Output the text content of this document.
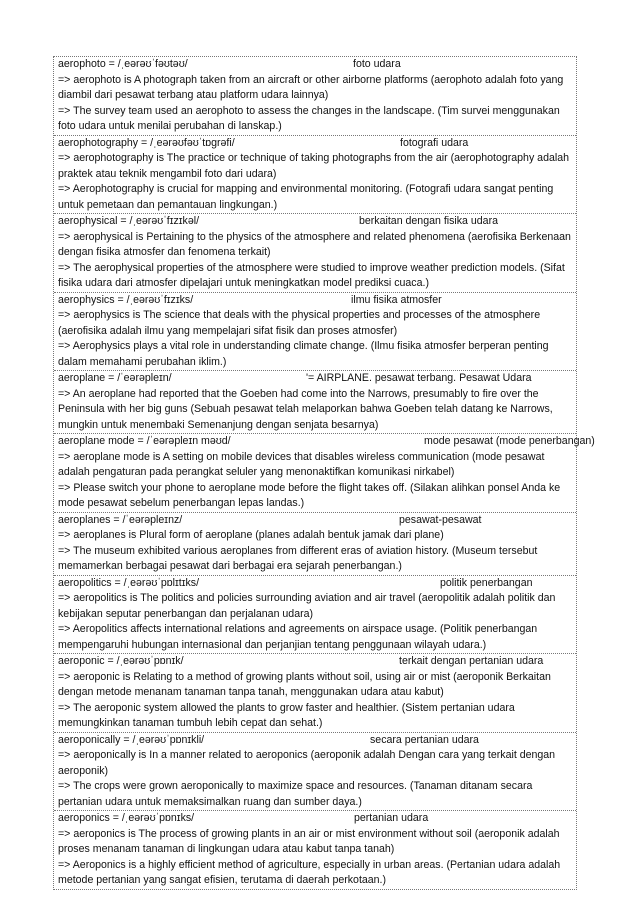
aerophoto = /ˌeərəʊˈfəʊtəʊ/	foto udara

=> aerophoto is A photograph taken from an aircraft or other airborne platforms (aerophoto adalah foto yang diambil dari pesawat terbang atau platform udara lainnya)

=> The survey team used an aerophoto to assess the changes in the landscape. (Tim survei menggunakan foto udara untuk menilai perubahan di lanskap.)

aerophotography = /ˌeərəʊfəʊˈtɒgrəfi/	fotografi udara

=> aerophotography is The practice or technique of taking photographs from the air (aerophotography adalah praktek atau teknik mengambil foto dari udara)

=> Aerophotography is crucial for mapping and environmental monitoring. (Fotografi udara sangat penting untuk pemetaan dan pemantauan lingkungan.)

aerophysical = /ˌeərəʊˈfɪzɪkəl/	berkaitan dengan fisika udara

=> aerophysical is Pertaining to the physics of the atmosphere and related phenomena (aerofisika Berkenaan dengan fisika atmosfer dan fenomena terkait)

=> The aerophysical properties of the atmosphere were studied to improve weather prediction models. (Sifat fisika udara dari atmosfer dipelajari untuk meningkatkan model prediksi cuaca.)

aerophysics = /ˌeərəʊˈfɪzɪks/	ilmu fisika atmosfer

=> aerophysics is The science that deals with the physical properties and processes of the atmosphere (aerofisika adalah ilmu yang mempelajari sifat fisik dan proses atmosfer)

=> Aerophysics plays a vital role in understanding climate change. (Ilmu fisika atmosfer berperan penting dalam memahami perubahan iklim.)

aeroplane = /ˈeərəpleɪn/	'= AIRPLANE. pesawat terbang. Pesawat Udara

=> An aeroplane had reported that the Goeben had come into the Narrows, presumably to fire over the Peninsula with her big guns (Sebuah pesawat telah melaporkan bahwa Goeben telah datang ke Narrows, mungkin untuk menembaki Semenanjung dengan senjata besarnya)

aeroplane mode = /ˈeərəpleɪn məʊd/	mode pesawat (mode penerbangan)

=> aeroplane mode is A setting on mobile devices that disables wireless communication (mode pesawat adalah pengaturan pada perangkat seluler yang menonaktifkan komunikasi nirkabel)

=> Please switch your phone to aeroplane mode before the flight takes off. (Silakan alihkan ponsel Anda ke mode pesawat sebelum penerbangan lepas landas.)

aeroplanes = /ˈeərəpleɪnz/	pesawat-pesawat

=> aeroplanes is Plural form of aeroplane (planes adalah bentuk jamak dari plane)

=> The museum exhibited various aeroplanes from different eras of aviation history. (Museum tersebut memamerkan berbagai pesawat dari berbagai era sejarah penerbangan.)

aeropolitics = /ˌeərəʊˈpɒlɪtɪks/	politik penerbangan

=> aeropolitics is The politics and policies surrounding aviation and air travel (aeropolitik adalah politik dan kebijakan seputar penerbangan dan perjalanan udara)

=> Aeropolitics affects international relations and agreements on airspace usage. (Politik penerbangan mempengaruhi hubungan internasional dan perjanjian tentang penggunaan wilayah udara.)

aeroponic = /ˌeərəʊˈpɒnɪk/	terkait dengan pertanian udara

=> aeroponic is Relating to a method of growing plants without soil, using air or mist (aeroponik Berkaitan dengan metode menanam tanaman tanpa tanah, menggunakan udara atau kabut)

=> The aeroponic system allowed the plants to grow faster and healthier. (Sistem pertanian udara memungkinkan tanaman tumbuh lebih cepat dan sehat.)

aeroponically = /ˌeərəʊˈpɒnɪkli/	secara pertanian udara

=> aeroponically is In a manner related to aeroponics (aeroponik adalah Dengan cara yang terkait dengan aeroponik)

=> The crops were grown aeroponically to maximize space and resources. (Tanaman ditanam secara pertanian udara untuk memaksimalkan ruang dan sumber daya.)

aeroponics = /ˌeərəʊˈpɒnɪks/	pertanian udara

=> aeroponics is The process of growing plants in an air or mist environment without soil (aeroponik adalah proses menanam tanaman di lingkungan udara atau kabut tanpa tanah)

=> Aeroponics is a highly efficient method of agriculture, especially in urban areas. (Pertanian udara adalah metode pertanian yang sangat efisien, terutama di daerah perkotaan.)
